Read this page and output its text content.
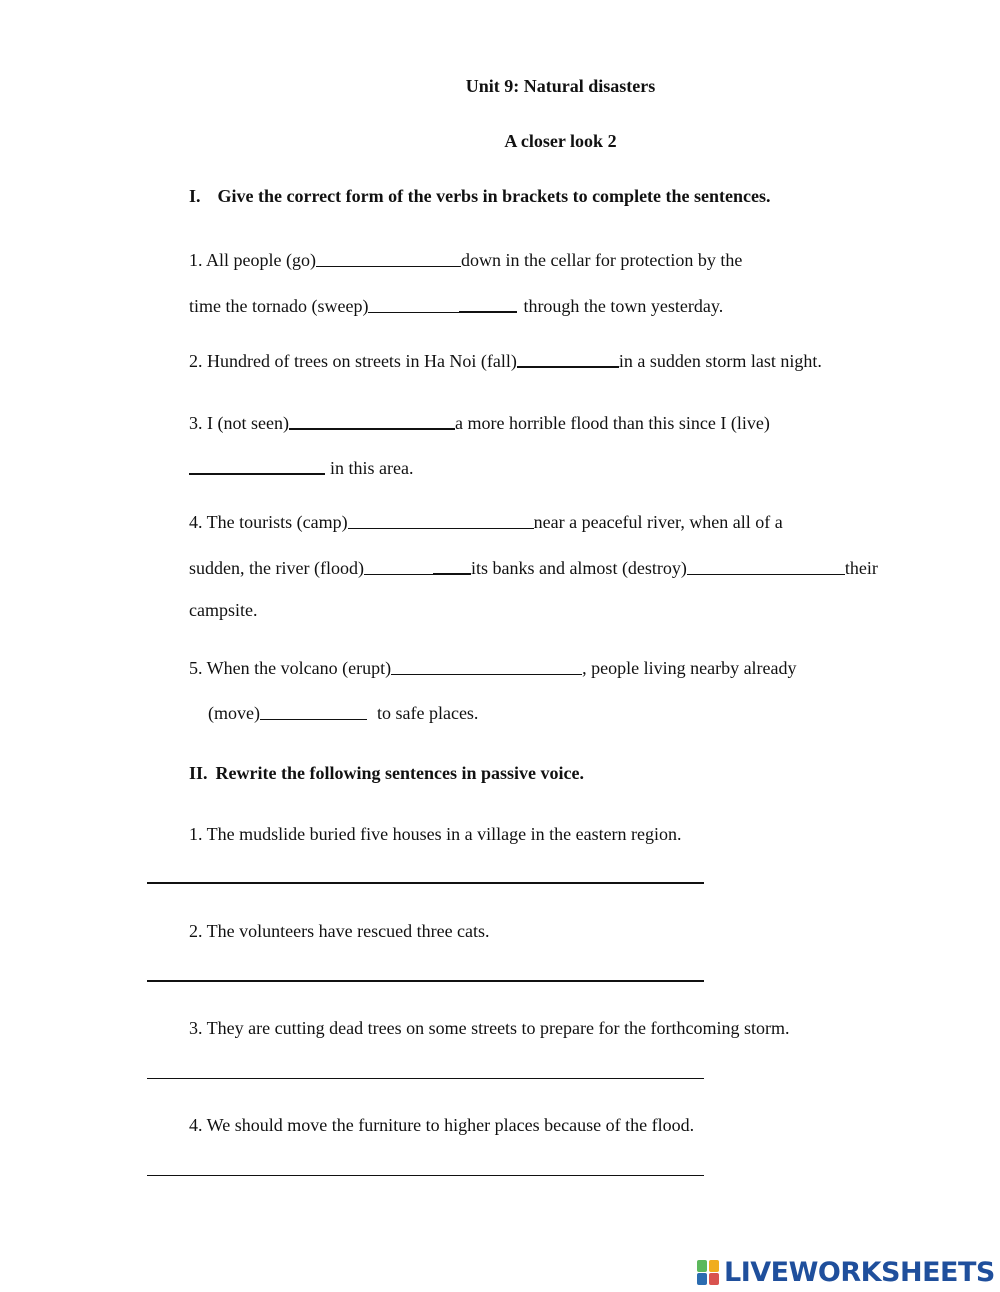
Unit 9: Natural disasters
A closer look 2
I. Give the correct form of the verbs in brackets to complete the sentences.
1. All people (go)	down in the cellar for protection by the
time the tornado (sweep)	through the town yesterday.
2. Hundred of trees on streets in Ha Noi (fall)	in a sudden storm last night.
3. I (not seen)	a more horrible flood than this since I (live)
in this area.
4. The tourists (camp)	near a peaceful river, when all of a
sudden, the river (flood)	its banks and almost (destroy)	their
campsite.
5. When the volcano (erupt)	, people living nearby already
(move)	to safe places.
II. Rewrite the following sentences in passive voice.
1. The mudslide buried five houses in a village in the eastern region.
2. The volunteers have rescued three cats.
3. They are cutting dead trees on some streets to prepare for the forthcoming storm.
4. We should move the furniture to higher places because of the flood.
LIVEWORKSHEETS
